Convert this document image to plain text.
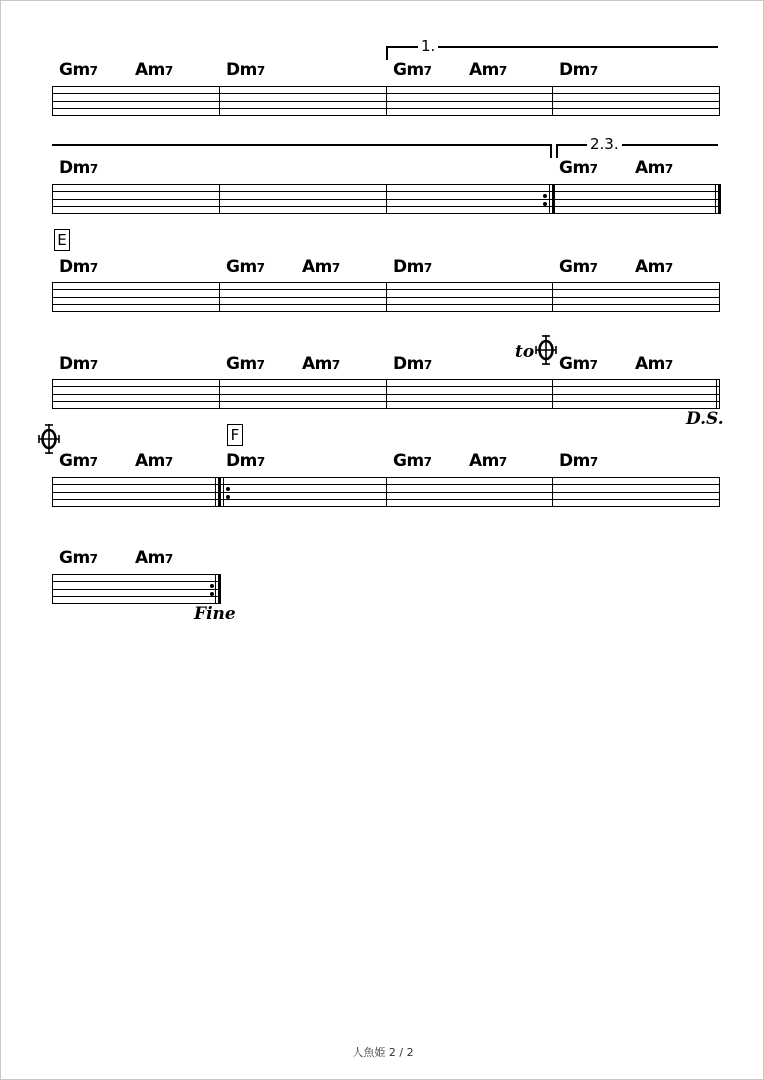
Gm7 Am7	Dm7	Gm7 Am7	Dm7
1.
2.3.
Dm7	Gm7 Am7
E
Dm7	Gm7 Am7	Dm7	Gm7 Am7
Dm7	Gm7 Am7	Dm7	Gm7 Am7
to
D.S.
F
Gm7 Am7	Dm7	Gm7 Am7	Dm7
Gm7 Am7
Fine
人魚姫 2 / 2
